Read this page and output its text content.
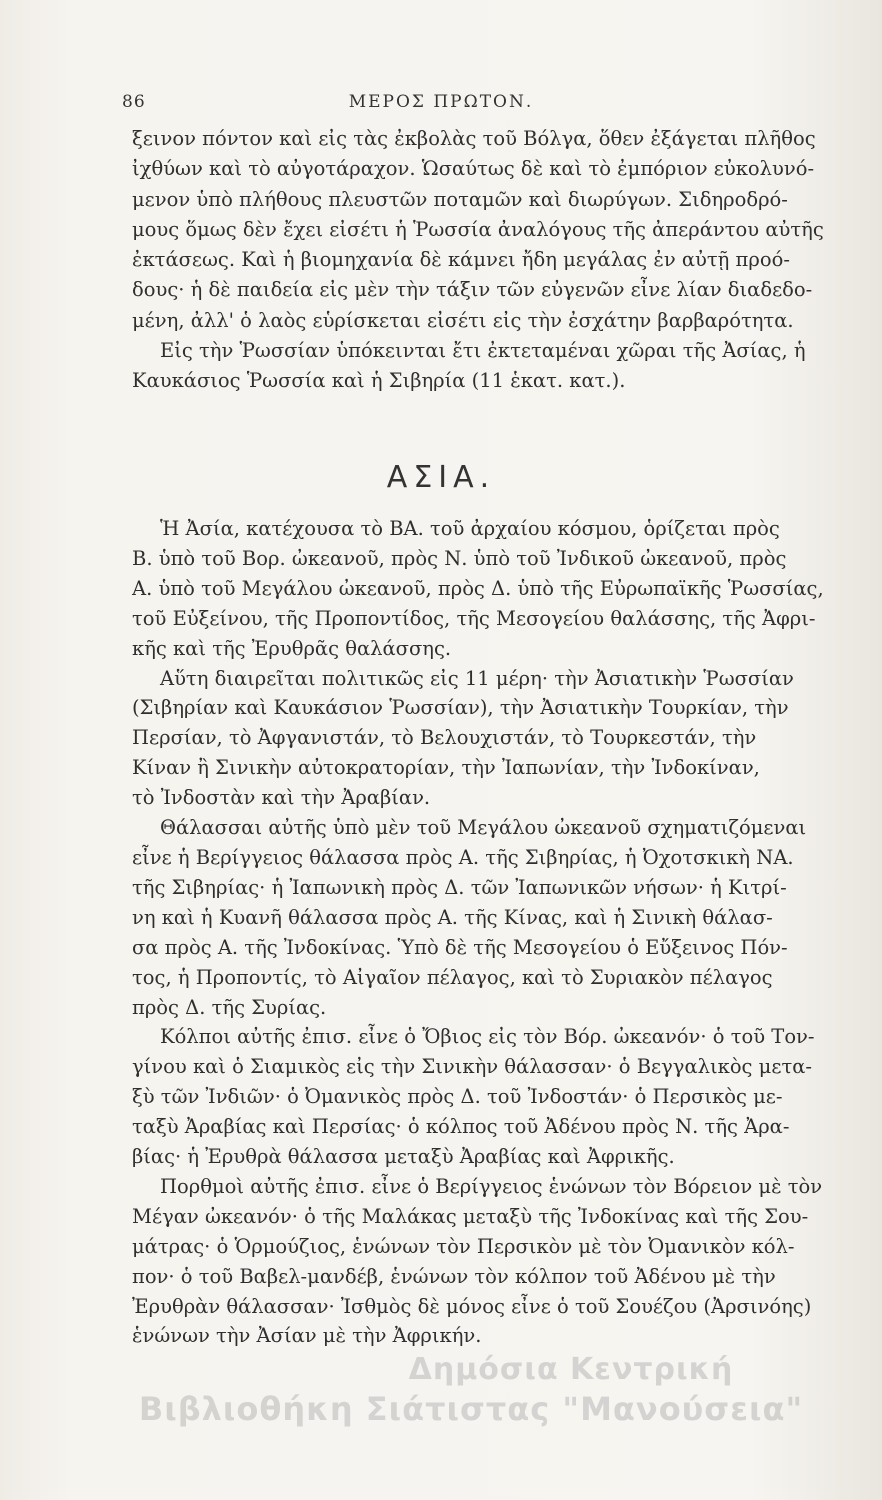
86	ΜΕΡΟΣ ΠΡΩΤΟΝ.
ξεινον πόντον καὶ εἰς τὰς ἐκβολὰς τοῦ Βόλγα, ὅθεν ἐξάγεται πλῆθος
ἰχθύων καὶ τὸ αὐγοτάραχον. Ὡσαύτως δὲ καὶ τὸ ἐμπόριον εὐκολυνό-
μενον ὑπὸ πλήθους πλευστῶν ποταμῶν καὶ διωρύγων. Σιδηροδρό-
μους ὅμως δὲν ἔχει εἰσέτι ἡ Ῥωσσία ἀναλόγους τῆς ἀπεράντου αὐτῆς
ἐκτάσεως. Καὶ ἡ βιομηχανία δὲ κάμνει ἤδη μεγάλας ἐν αὐτῇ προό-
δους· ἡ δὲ παιδεία εἰς μὲν τὴν τάξιν τῶν εὐγενῶν εἶνε λίαν διαδεδο-
μένη, ἀλλ' ὁ λαὸς εὑρίσκεται εἰσέτι εἰς τὴν ἐσχάτην βαρβαρότητα.
Εἰς τὴν Ῥωσσίαν ὑπόκεινται ἔτι ἐκτεταμέναι χῶραι τῆς Ἀσίας, ἡ
Καυκάσιος Ῥωσσία καὶ ἡ Σιβηρία (11 ἑκατ. κατ.).
ΑΣΙΑ.
Ἡ Ἀσία, κατέχουσα τὸ ΒΑ. τοῦ ἀρχαίου κόσμου, ὁρίζεται πρὸς
Β. ὑπὸ τοῦ Βορ. ὠκεανοῦ, πρὸς Ν. ὑπὸ τοῦ Ἰνδικοῦ ὠκεανοῦ, πρὸς
Α. ὑπὸ τοῦ Μεγάλου ὠκεανοῦ, πρὸς Δ. ὑπὸ τῆς Εὐρωπαϊκῆς Ῥωσσίας,
τοῦ Εὐξείνου, τῆς Προποντίδος, τῆς Μεσογείου θαλάσσης, τῆς Ἀφρι-
κῆς καὶ τῆς Ἐρυθρᾶς θαλάσσης.
Αὕτη διαιρεῖται πολιτικῶς εἰς 11 μέρη· τὴν Ἀσιατικὴν Ῥωσσίαν
(Σιβηρίαν καὶ Καυκάσιον Ῥωσσίαν), τὴν Ἀσιατικὴν Τουρκίαν, τὴν
Περσίαν, τὸ Ἀφγανιστάν, τὸ Βελουχιστάν, τὸ Τουρκεστάν, τὴν
Κίναν ἢ Σινικὴν αὐτοκρατορίαν, τὴν Ἰαπωνίαν, τὴν Ἰνδοκίναν,
τὸ Ἰνδοστὰν καὶ τὴν Ἀραβίαν.
Θάλασσαι αὐτῆς ὑπὸ μὲν τοῦ Μεγάλου ὠκεανοῦ σχηματιζόμεναι
εἶνε ἡ Βερίγγειος θάλασσα πρὸς Α. τῆς Σιβηρίας, ἡ Ὀχοτσκικὴ ΝΑ.
τῆς Σιβηρίας· ἡ Ἰαπωνικὴ πρὸς Δ. τῶν Ἰαπωνικῶν νήσων· ἡ Κιτρί-
νη καὶ ἡ Κυανῆ θάλασσα πρὸς Α. τῆς Κίνας, καὶ ἡ Σινικὴ θάλασ-
σα πρὸς Α. τῆς Ἰνδοκίνας. Ὑπὸ δὲ τῆς Μεσογείου ὁ Εὔξεινος Πόν-
τος, ἡ Προποντίς, τὸ Αἰγαῖον πέλαγος, καὶ τὸ Συριακὸν πέλαγος
πρὸς Δ. τῆς Συρίας.
Κόλποι αὐτῆς ἐπισ. εἶνε ὁ Ὄβιος εἰς τὸν Βόρ. ὠκεανόν· ὁ τοῦ Τον-
γίνου καὶ ὁ Σιαμικὸς εἰς τὴν Σινικὴν θάλασσαν· ὁ Βεγγαλικὸς μετα-
ξὺ τῶν Ἰνδιῶν· ὁ Ὀμανικὸς πρὸς Δ. τοῦ Ἰνδοστάν· ὁ Περσικὸς με-
ταξὺ Ἀραβίας καὶ Περσίας· ὁ κόλπος τοῦ Ἀδένου πρὸς Ν. τῆς Ἀρα-
βίας· ἡ Ἐρυθρὰ θάλασσα μεταξὺ Ἀραβίας καὶ Ἀφρικῆς.
Πορθμοὶ αὐτῆς ἐπισ. εἶνε ὁ Βερίγγειος ἑνώνων τὸν Βόρειον μὲ τὸν
Μέγαν ὠκεανόν· ὁ τῆς Μαλάκας μεταξὺ τῆς Ἰνδοκίνας καὶ τῆς Σου-
μάτρας· ὁ Ὁρμούζιος, ἑνώνων τὸν Περσικὸν μὲ τὸν Ὀμανικὸν κόλ-
πον· ὁ τοῦ Βαβελ-μανδέβ, ἑνώνων τὸν κόλπον τοῦ Ἀδένου μὲ τὴν
Ἐρυθρὰν θάλασσαν· Ἰσθμὸς δὲ μόνος εἶνε ὁ τοῦ Σουέζου (Ἀρσινόης)
ἑνώνων τὴν Ἀσίαν μὲ τὴν Ἀφρικήν.
Δημόσια Κεντρική
Βιβλιοθήκη Σιάτιστας "Μανούσεια"
